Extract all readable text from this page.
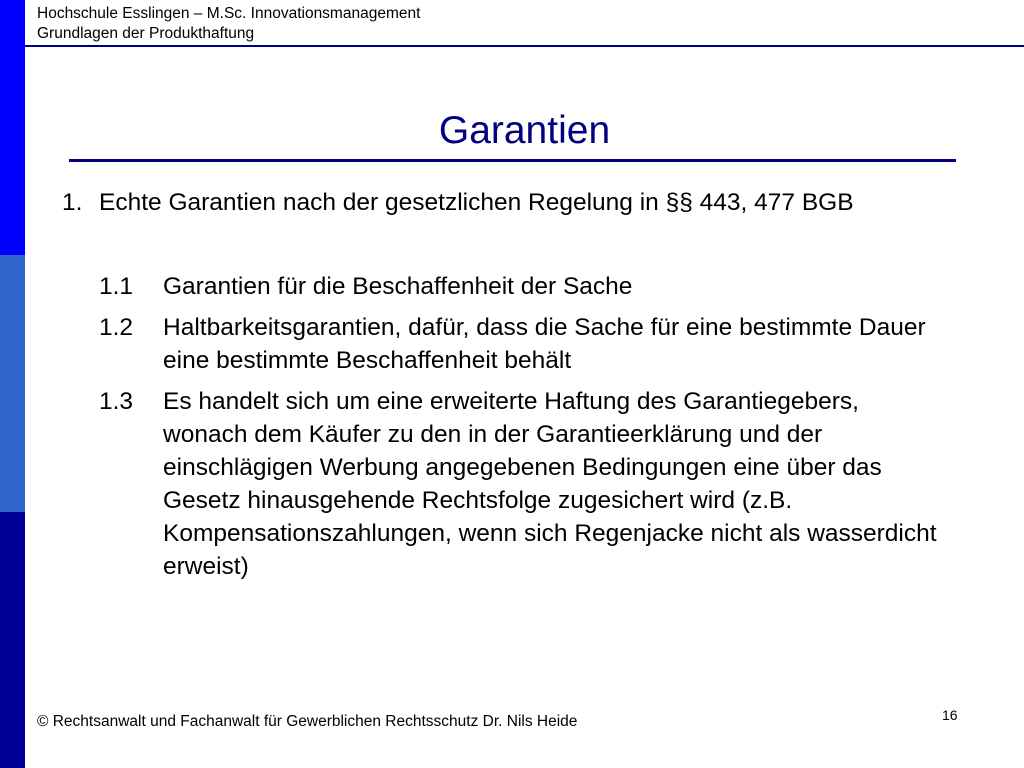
Hochschule Esslingen – M.Sc. Innovationsmanagement
Grundlagen der Produkthaftung
Garantien
1. Echte Garantien nach der gesetzlichen Regelung in §§ 443, 477 BGB
1.1	Garantien für die Beschaffenheit der Sache
1.2	Haltbarkeitsgarantien, dafür, dass die Sache für eine bestimmte Dauer eine bestimmte Beschaffenheit behält
1.3	Es handelt sich um eine erweiterte Haftung des Garantiegebers, wonach dem Käufer zu den in der Garantieerklärung und der einschlägigen Werbung angegebenen Bedingungen eine über das Gesetz hinausgehende Rechtsfolge zugesichert wird (z.B. Kompensationszahlungen, wenn sich Regenjacke nicht als wasserdicht erweist)
© Rechtsanwalt und Fachanwalt für Gewerblichen Rechtsschutz Dr. Nils Heide	16
